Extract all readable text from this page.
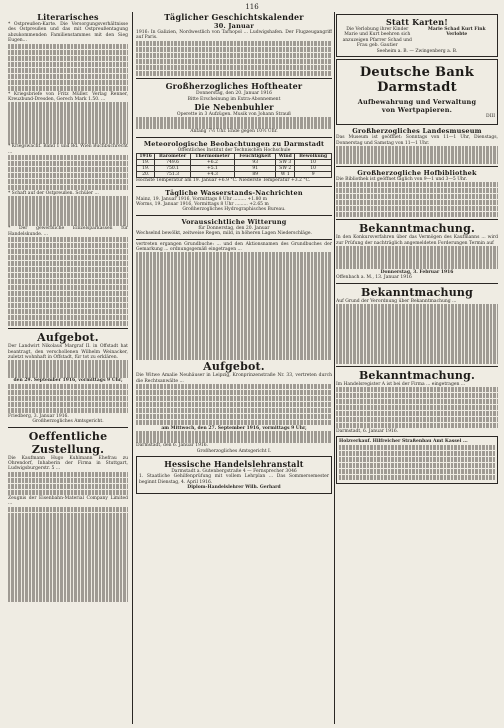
116
Literarisches
* Ostpreußen-Karte. Die Versorgungsverhältnisse des Ostpreußen und das mit Ostpreußentagung abzukommenden Familienstammes mit den Sieg Eugen...
* Kriegsbriefe von Fritz Müller. Verlag Renner, Kreuzbund-Dresden, Gerech Mark 1.50. ...
* Kriegswacht. Band 1 und Bd. Wien Buchbuchrecht ...
* Schaft auf der Ostpreußen. Schüler ...
* Der gewerbliche Einzelsparkassen für Handelskunde. ...
Aufgebot.
Der Landwirt Nikolaus Margraf II. in Offstadt hat beantragt, den verschollenen Wilhelm Weinacker, zuletzt wohnhaft in Offstadt, für tot zu erklären.
den 29. September 1916, vormittags 9 Uhr,
Friedberg, 3. Januar 1916.
Großherzogliches Amtsgericht.
Oeffentliche Zustellung.
Die Kaufmann Hugo Kuhlmann Ehefrau zu Ohrendorf, Inhaberin der Firma in Stuttgart, Ludwigsburgerstr. 5 ...
Zeugnis der Eisenbahn-Material Company Limited ...
Täglicher Geschichtskalender
30. Januar
1916: In Galizien, Nordwestlich von Tarnopol ... Ludwigshafen. Der Flugzeugangriff auf Paris.
Großherzogliches Hoftheater
Donnerstag, den 20. Januar 1916
Bitte Erscheinung im Extra-Abonnement
Die Nebenbuhler
Operette in 3 Aufzügen. Musik von Johann Strauß
Anfang 7½ Uhr. Ende gegen 10½ Uhr.
Meteorologische Beobachtungen zu Darmstadt
Öffentliches Institut der Technischen Hochschule
1916	Barometer	Thermometer	Feuchtigkeit	Wind	Bewölkung
19.	749.6	+6.2	93	SW 3	10
19.	750.1	+5.1	91	SW 2	10
20.	751.3	+4.3	89	W 1	9
Höchste Temperatur am 19. Januar +6.9 °C. Niederste Temperatur +3.2 °C.
Tägliche Wasserstands-Nachrichten
Mainz, 19. Januar 1916, Vormittags 8 Uhr ......... +1.80 m
Worms, 19. Januar 1916, Vormittags 8 Uhr ......... +2.65 m
Großherzogliches Hydrographisches Bureau.
Voraussichtliche Witterung
für Donnerstag, den 20. Januar
Wechselnd bewölkt, zeitweise Regen, mild, in höheren Lagen Niederschläge.
vertreten ergangen Grundbuche: ... und den Aktionsnamen des Grundbuches der Gemarkung ... ordnungsgemäß eingetragen ...
Aufgebot.
Die Witwe Amalie Neuhäuser in Leipzig, Kronprinzenstraße Nr. 33, vertreten durch die Rechtsanwälte ...
am Mittwoch, den 27. September 1916, vormittags 9 Uhr,
Darmstadt, den 6. Januar 1916.
Großherzogliches Amtsgericht I.
Hessische Handelslehranstalt
Darmstadt a. Gutenbergstraße 4 — Fernsprecher 3046
1. Staatliche Gehilfenprüfung mit vollem Lehrplan ... Das Sommersemester beginnt Dienstag, 4. April 1916.
Diplom-Handelslehrer Wilh. Gerhard
Statt Karten!
Die Verlobung ihrer Kinder Marie und Kurt beehren sich anzuzeigen Pfarrer Schad und Frau geb. Gautier
Marie Schad Kurt Fink Verlobte
Seeheim a. B. — Zwingenberg a. B.
Deutsche Bank Darmstadt
Aufbewahrung und Verwaltung
von Wertpapieren.
DIII
Großherzogliches Landesmuseum
Das Museum ist geöffnet: Sonntags von 11—1 Uhr, Dienstags, Donnerstag und Samstag von 11—1 Uhr.
Großherzogliche Hofbibliothek
Die Bibliothek ist geöffnet täglich von 9—1 und 3—5 Uhr.
Bekanntmachung.
In den Konkursverfahren über das Vermögen des Kaufmanns ... wird zur Prüfung der nachträglich angemeldeten Forderungen Termin auf
Donnerstag, 3. Februar 1916
Offenbach a. M., 13. Januar 1916
Bekanntmachung
Auf Grund der Verordnung über Bekanntmachung ...
Bekanntmachung.
Im Handelsregister A ist bei der Firma ... eingetragen ...
Darmstadt, 6. Januar 1916.
Holzverkauf. Hilfreicher Straßenbau Amt Kassel ...
